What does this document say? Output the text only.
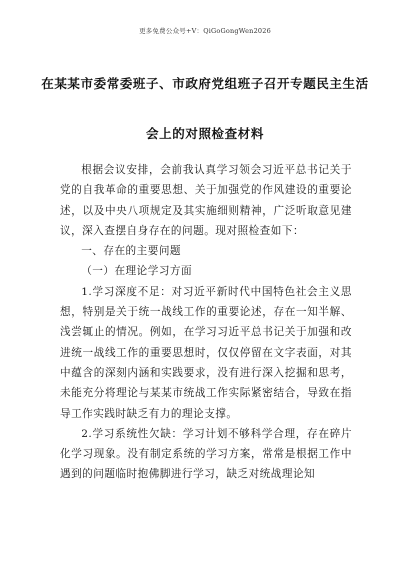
更多免费公众号+V：QiGoGongWen2026
在某某市委常委班子、市政府党组班子召开专题民主生活
会上的对照检查材料

根据会议安排，会前我认真学习领会习近平总书记关于党的自我革命的重要思想、关于加强党的作风建设的重要论述，以及中央八项规定及其实施细则精神，广泛听取意见建议，深入查摆自身存在的问题。现对照检查如下：

一、存在的主要问题

（一）在理论学习方面

1.学习深度不足：对习近平新时代中国特色社会主义思想，特别是关于统一战线工作的重要论述，存在一知半解、浅尝辄止的情况。例如，在学习习近平总书记关于加强和改进统一战线工作的重要思想时，仅仅停留在文字表面，对其中蕴含的深刻内涵和实践要求，没有进行深入挖掘和思考，未能充分将理论与某某市统战工作实际紧密结合，导致在指导工作实践时缺乏有力的理论支撑。

2.学习系统性欠缺：学习计划不够科学合理，存在碎片化学习现象。没有制定系统的学习方案，常常是根据工作中遇到的问题临时抱佛脚进行学习，缺乏对统战理论知
